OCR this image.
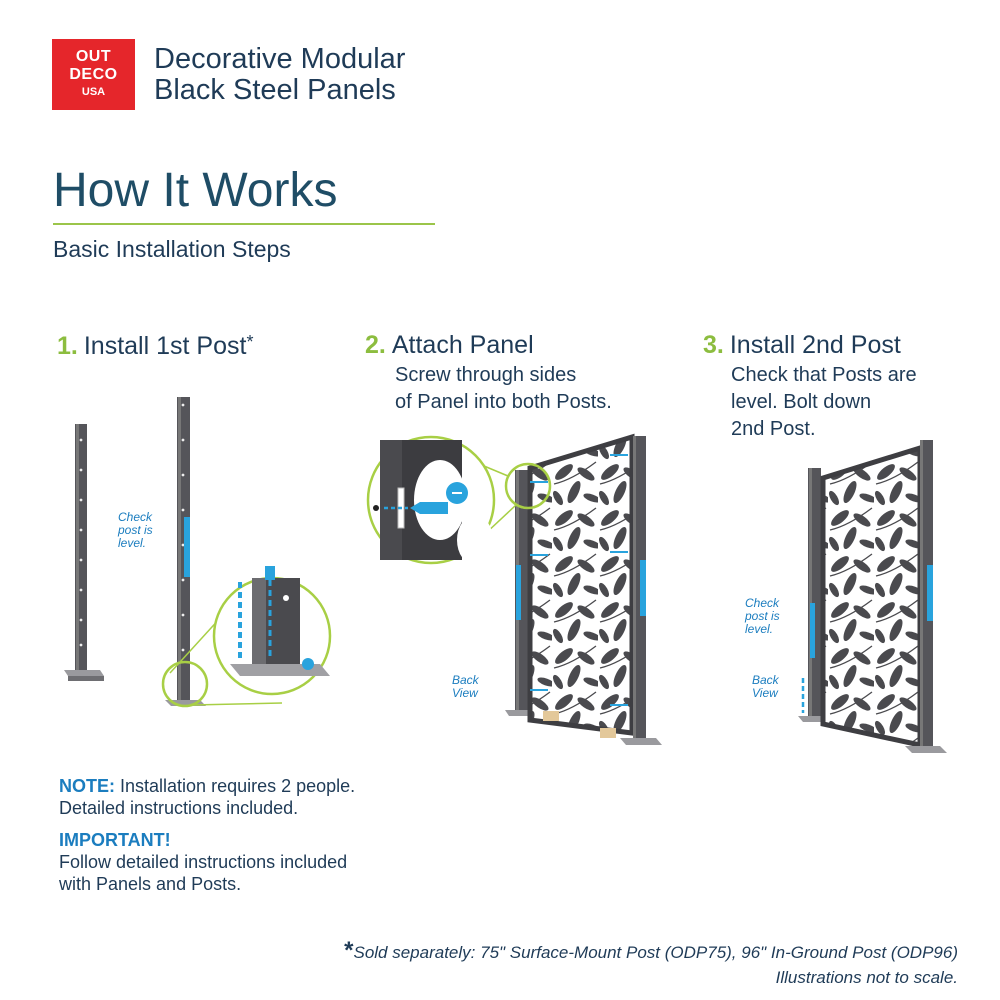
OUT
DECO
USA
Decorative Modular
Black Steel Panels
How It Works
Basic Installation Steps
1. Install 1st Post*	2. Attach Panel
Screw through sides
of Panel into both Posts.
3. Install 2nd Post
Check that Posts are
level. Bolt down
2nd Post.
Check post is level.
Back View
Check post is level.
Back View
NOTE: Installation requires 2 people.
Detailed instructions included.
IMPORTANT!
Follow detailed instructions included
with Panels and Posts.
*Sold separately: 75" Surface-Mount Post (ODP75), 96" In-Ground Post (ODP96)
Illustrations not to scale.
